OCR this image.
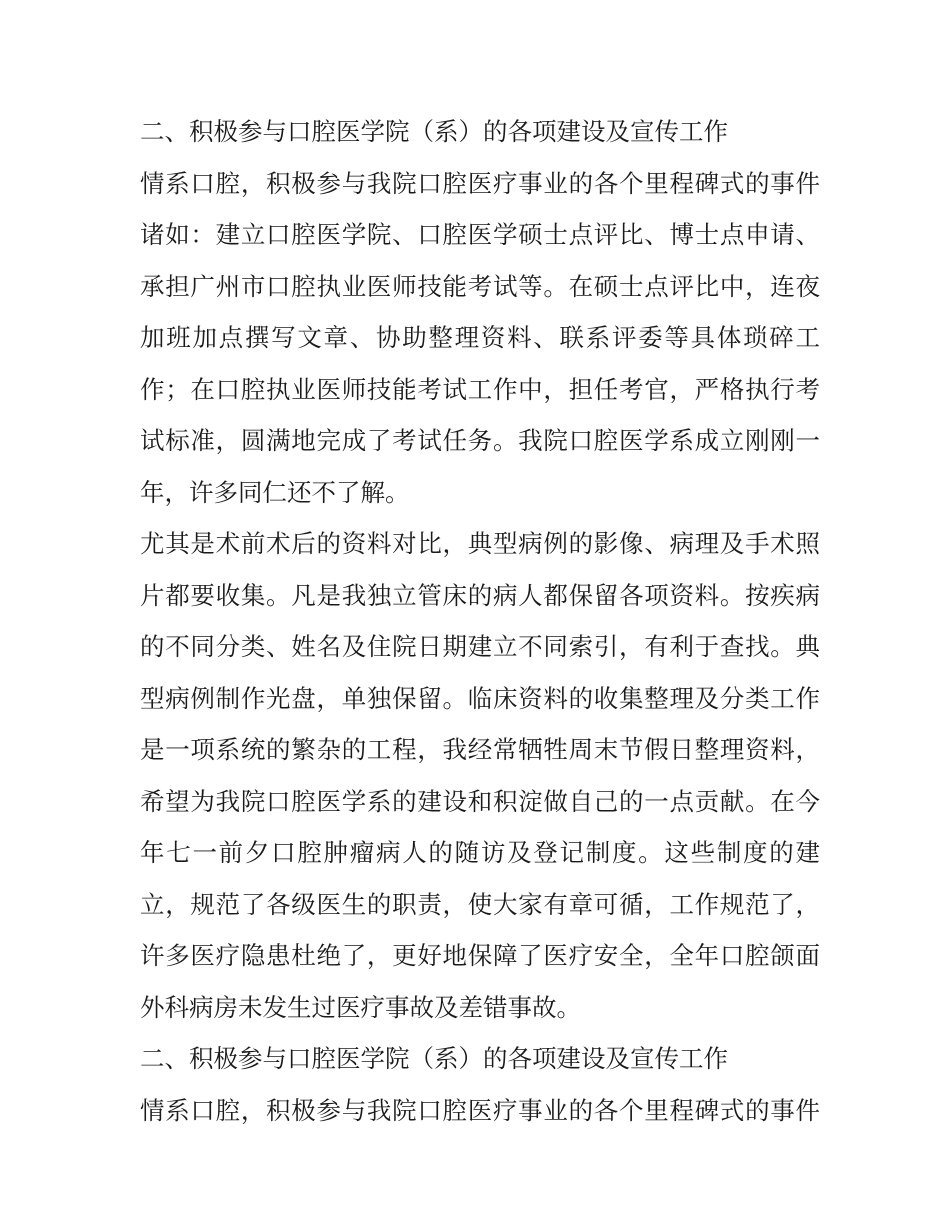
二、积极参与口腔医学院（系）的各项建设及宣传工作
情系口腔，积极参与我院口腔医疗事业的各个里程碑式的事件
诸如：建立口腔医学院、口腔医学硕士点评比、博士点申请、
承担广州市口腔执业医师技能考试等。在硕士点评比中，连夜
加班加点撰写文章、协助整理资料、联系评委等具体琐碎工
作；在口腔执业医师技能考试工作中，担任考官，严格执行考
试标准，圆满地完成了考试任务。我院口腔医学系成立刚刚一
年，许多同仁还不了解。
尤其是术前术后的资料对比，典型病例的影像、病理及手术照
片都要收集。凡是我独立管床的病人都保留各项资料。按疾病
的不同分类、姓名及住院日期建立不同索引，有利于查找。典
型病例制作光盘，单独保留。临床资料的收集整理及分类工作
是一项系统的繁杂的工程，我经常牺牲周末节假日整理资料，
希望为我院口腔医学系的建设和积淀做自己的一点贡献。在今
年七一前夕口腔肿瘤病人的随访及登记制度。这些制度的建
立，规范了各级医生的职责，使大家有章可循，工作规范了，
许多医疗隐患杜绝了，更好地保障了医疗安全，全年口腔颌面
外科病房未发生过医疗事故及差错事故。
二、积极参与口腔医学院（系）的各项建设及宣传工作
情系口腔，积极参与我院口腔医疗事业的各个里程碑式的事件
